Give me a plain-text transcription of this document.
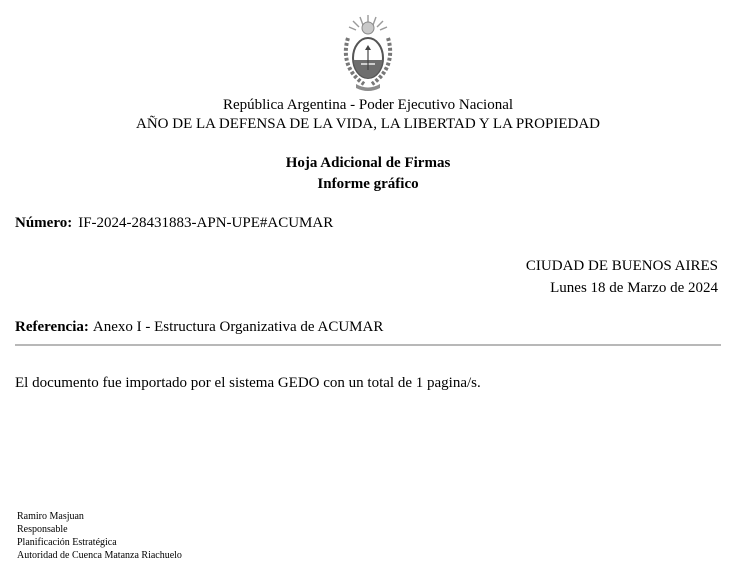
República Argentina - Poder Ejecutivo Nacional
AÑO DE LA DEFENSA DE LA VIDA, LA LIBERTAD Y LA PROPIEDAD
Hoja Adicional de Firmas
Informe gráfico
Número: IF-2024-28431883-APN-UPE#ACUMAR
CIUDAD DE BUENOS AIRES
Lunes 18 de Marzo de 2024
Referencia: Anexo I - Estructura Organizativa de ACUMAR
El documento fue importado por el sistema GEDO con un total de 1 pagina/s.
Ramiro Masjuan
Responsable
Planificación Estratégica
Autoridad de Cuenca Matanza Riachuelo
